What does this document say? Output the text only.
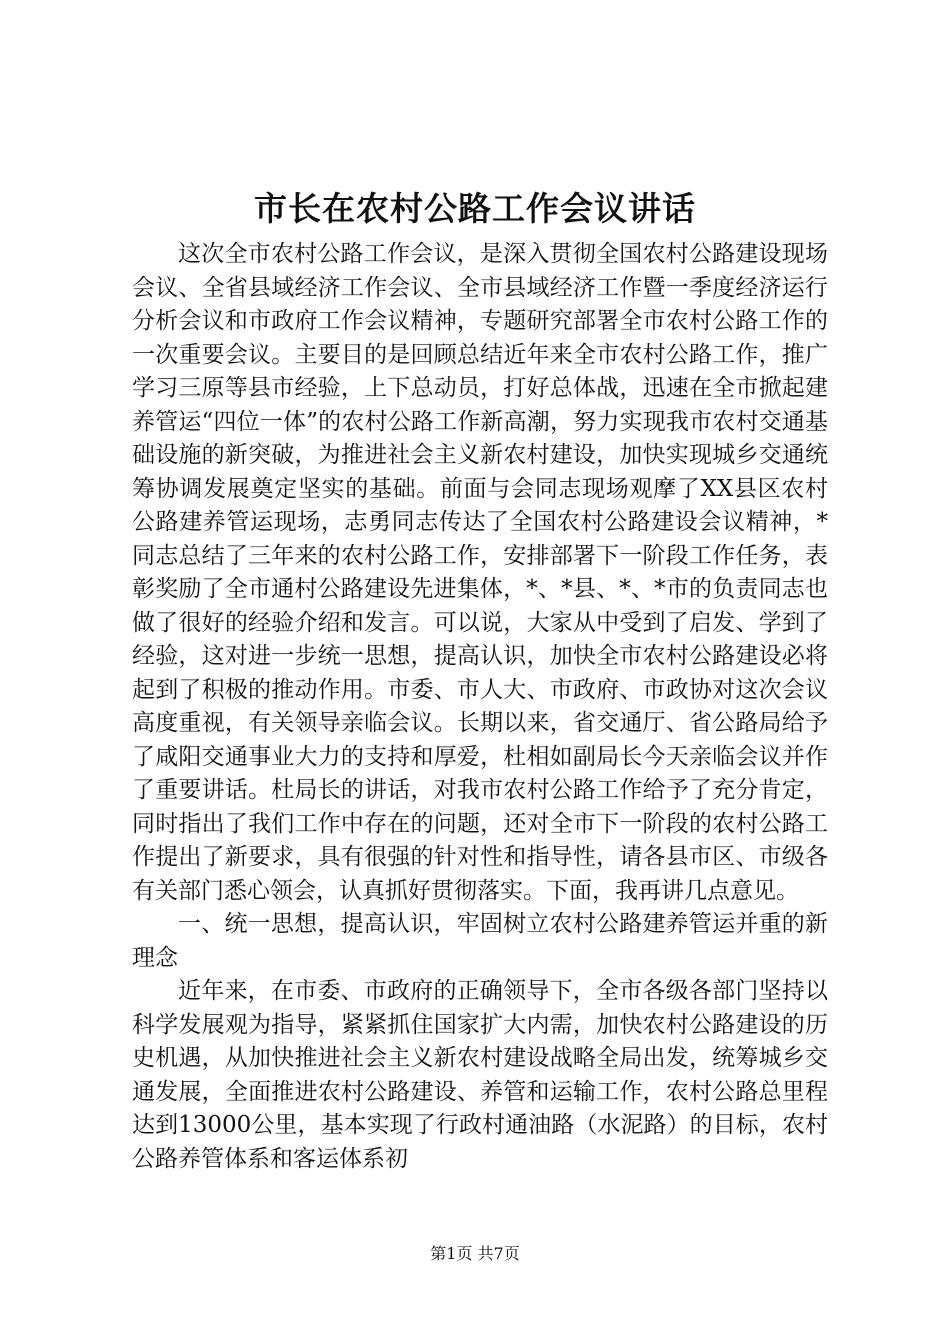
市长在农村公路工作会议讲话

这次全市农村公路工作会议，是深入贯彻全国农村公路建设现场会议、全省县域经济工作会议、全市县域经济工作暨一季度经济运行分析会议和市政府工作会议精神，专题研究部署全市农村公路工作的一次重要会议。主要目的是回顾总结近年来全市农村公路工作，推广学习三原等县市经验，上下总动员，打好总体战，迅速在全市掀起建养管运“四位一体”的农村公路工作新高潮，努力实现我市农村交通基础设施的新突破，为推进社会主义新农村建设，加快实现城乡交通统筹协调发展奠定坚实的基础。前面与会同志现场观摩了XX县区农村公路建养管运现场，志勇同志传达了全国农村公路建设会议精神，*同志总结了三年来的农村公路工作，安排部署下一阶段工作任务，表彰奖励了全市通村公路建设先进集体，*、*县、*、*市的负责同志也做了很好的经验介绍和发言。可以说，大家从中受到了启发、学到了经验，这对进一步统一思想，提高认识，加快全市农村公路建设必将起到了积极的推动作用。市委、市人大、市政府、市政协对这次会议高度重视，有关领导亲临会议。长期以来，省交通厅、省公路局给予了咸阳交通事业大力的支持和厚爱，杜相如副局长今天亲临会议并作了重要讲话。杜局长的讲话，对我市农村公路工作给予了充分肯定，同时指出了我们工作中存在的问题，还对全市下一阶段的农村公路工作提出了新要求，具有很强的针对性和指导性，请各县市区、市级各有关部门悉心领会，认真抓好贯彻落实。下面，我再讲几点意见。

一、统一思想，提高认识，牢固树立农村公路建养管运并重的新理念

近年来，在市委、市政府的正确领导下，全市各级各部门坚持以科学发展观为指导，紧紧抓住国家扩大内需，加快农村公路建设的历史机遇，从加快推进社会主义新农村建设战略全局出发，统筹城乡交通发展，全面推进农村公路建设、养管和运输工作，农村公路总里程达到13000公里，基本实现了行政村通油路（水泥路）的目标，农村公路养管体系和客运体系初

第1页 共7页
